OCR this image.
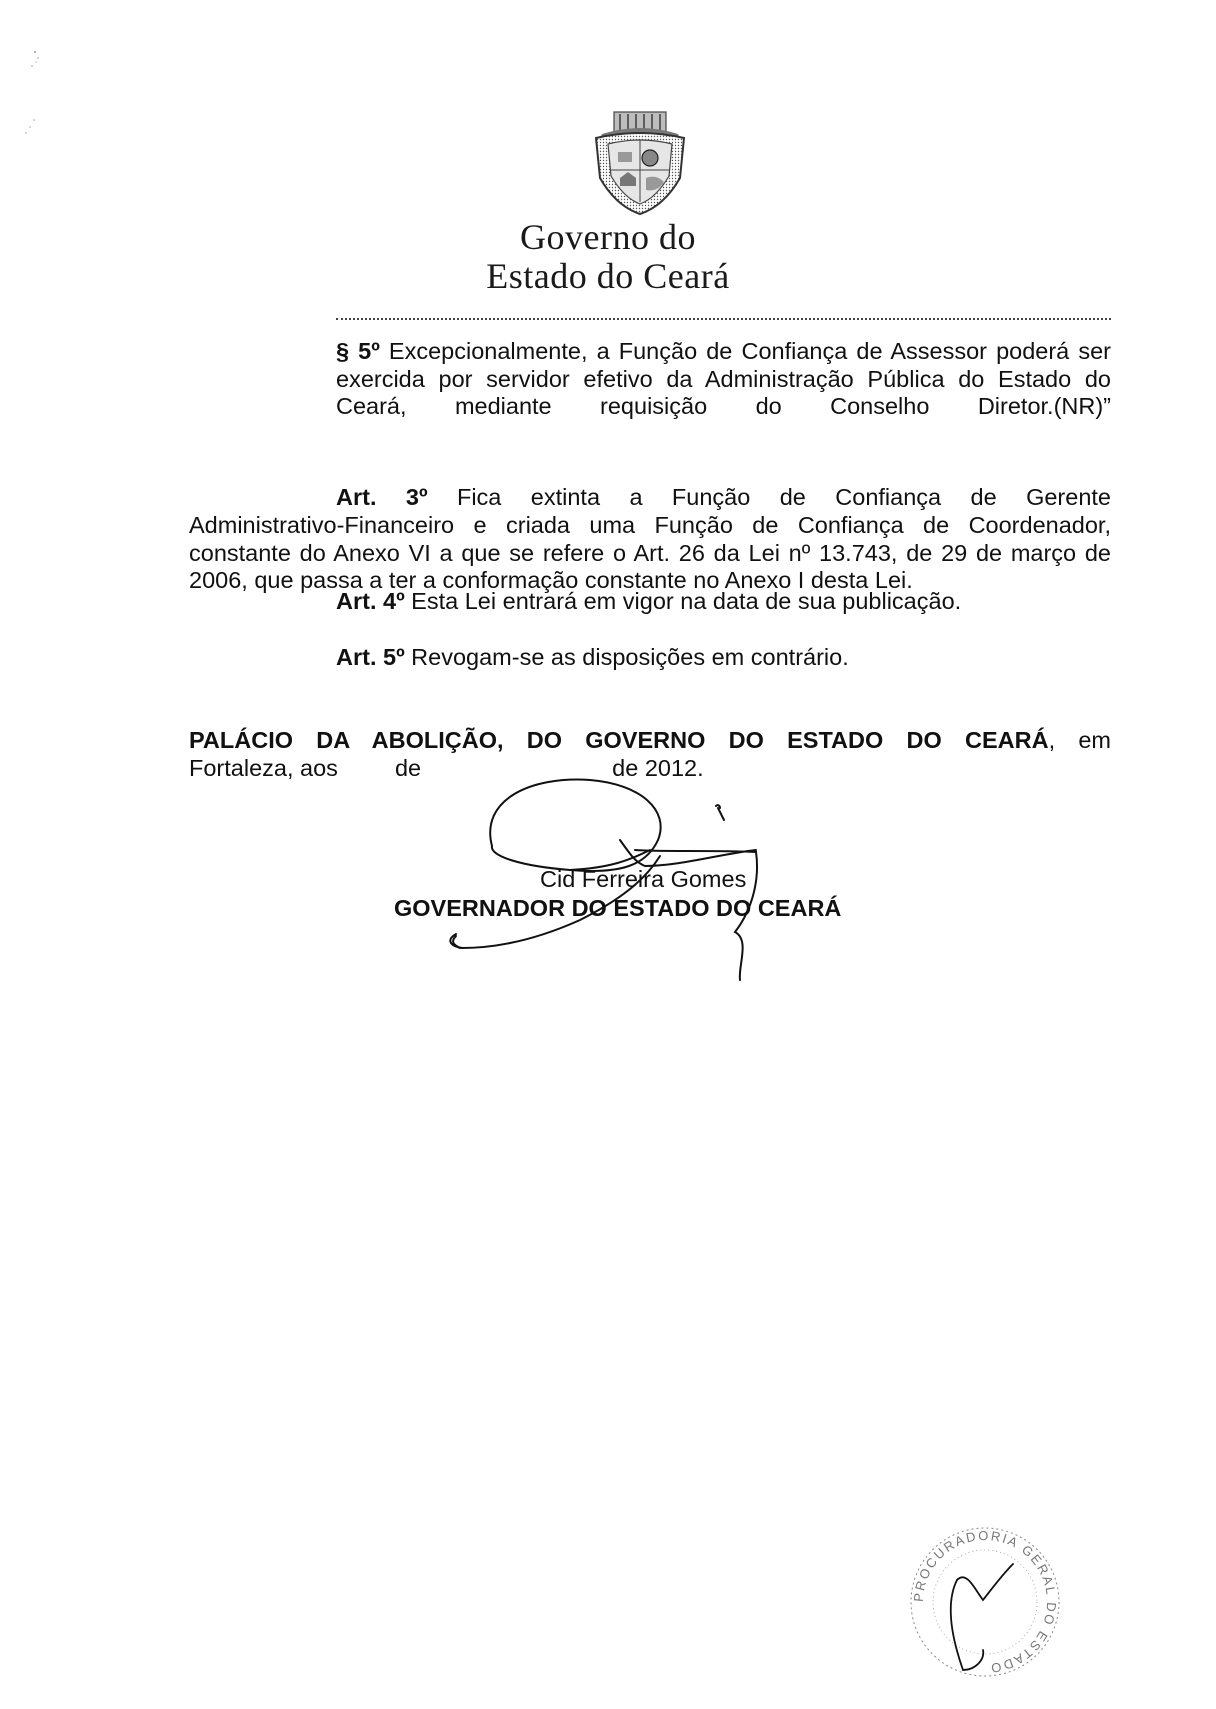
Governo do
Estado do Ceará
§ 5º Excepcionalmente, a Função de Confiança de Assessor poderá ser exercida por servidor efetivo da Administração Pública do Estado do Ceará, mediante requisição do Conselho Diretor.(NR)”
Art. 3º Fica extinta a Função de Confiança de Gerente
Administrativo-Financeiro e criada uma Função de Confiança de Coordenador, constante do Anexo VI a que se refere o Art. 26 da Lei nº 13.743, de 29 de março de 2006, que passa a ter a conformação constante no Anexo I desta Lei.
Art. 4º Esta Lei entrará em vigor na data de sua publicação.
Art. 5º Revogam-se as disposições em contrário.
PALÁCIO DA ABOLIÇÃO, DO GOVERNO DO ESTADO DO CEARÁ, em
Fortaleza, aos de	de 2012.
Cid Ferreira Gomes
GOVERNADOR DO ESTADO DO CEARÁ
PROCURADORIA GERAL DO ESTADO
